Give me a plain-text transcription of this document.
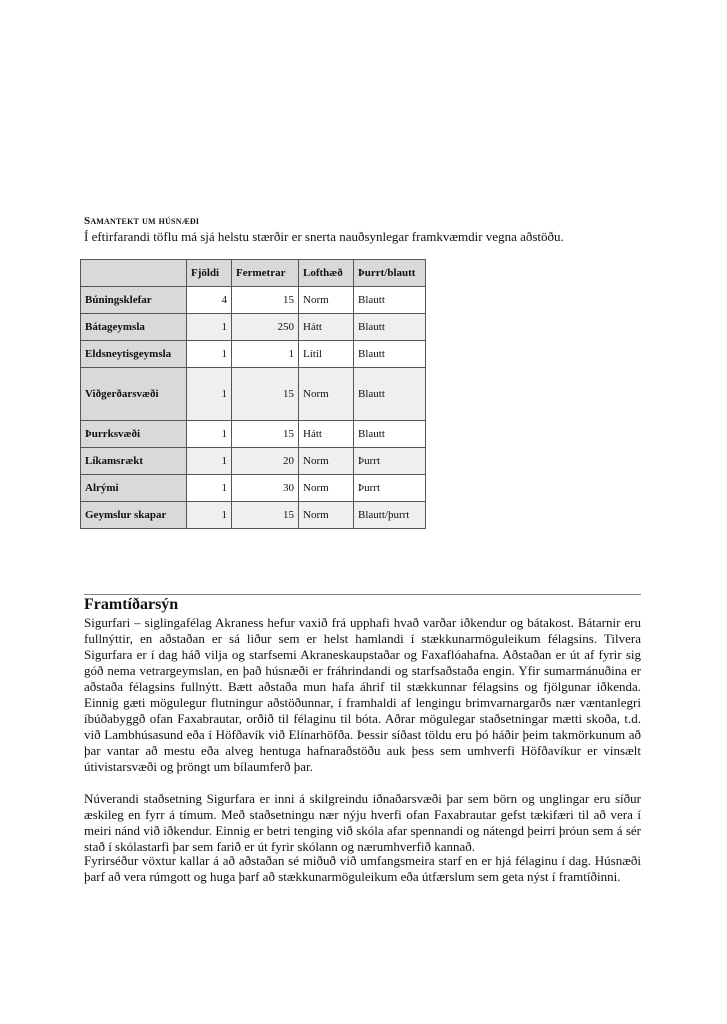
Samantekt um húsnæði
Í eftirfarandi töflu má sjá helstu stærðir er snerta nauðsynlegar framkvæmdir vegna aðstöðu.
	Fjöldi	Fermetrar	Lofthæð	Þurrt/blautt
Búningsklefar	4	15	Norm	Blautt
Bátageymsla	1	250	Hátt	Blautt
Eldsneytisgeymsla	1	1	Lítil	Blautt
Viðgerðarsvæði	1	15	Norm	Blautt
Þurrksvæði	1	15	Hátt	Blautt
Líkamsrækt	1	20	Norm	Þurrt
Alrými	1	30	Norm	Þurrt
Geymslur skapar	1	15	Norm	Blautt/þurrt
Framtíðarsýn

Sigurfari – siglingafélag Akraness hefur vaxið frá upphafi hvað varðar iðkendur og bátakost. Bátarnir eru fullnýttir, en aðstaðan er sá liður sem er helst hamlandi í stækkunarmöguleikum félagsins. Tilvera Sigurfara er í dag háð vilja og starfsemi Akraneskaupstaðar og Faxaflóahafna. Aðstaðan er út af fyrir sig góð nema vetrargeymslan, en það húsnæði er fráhrindandi og starfsaðstaða engin. Yfir sumarmánuðina er aðstaða félagsins fullnýtt. Bætt aðstaða mun hafa áhrif til stækkunnar félagsins og fjölgunar iðkenda. Einnig gæti mögulegur flutningur aðstöðunnar, í framhaldi af lengingu brimvarnargarðs nær væntanlegri íbúðabyggð ofan Faxabrautar, orðið til félaginu til bóta. Aðrar mögulegar staðsetningar mætti skoða, t.d. við Lambhúsasund eða í Höfðavík við Elínarhöfða. Þessir síðast töldu eru þó háðir þeim takmörkunum að þar vantar að mestu eða alveg hentuga hafnaraðstöðu auk þess sem umhverfi Höfðavíkur er vinsælt útivistarsvæði og þröngt um bílaumferð þar.

Núverandi staðsetning Sigurfara er inni á skilgreindu iðnaðarsvæði þar sem börn og unglingar eru síður æskileg en fyrr á tímum. Með staðsetningu nær nýju hverfi ofan Faxabrautar gefst tækifæri til að vera í meiri nánd við iðkendur. Einnig er betri tenging við skóla afar spennandi og nátengd þeirri þróun sem á sér stað í skólastarfi þar sem farið er út fyrir skólann og nærumhverfið kannað.

Fyrirséður vöxtur kallar á að aðstaðan sé miðuð við umfangsmeira starf en er hjá félaginu í dag. Húsnæði þarf að vera rúmgott og huga þarf að stækkunarmöguleikum eða útfærslum sem geta nýst í framtíðinni.
